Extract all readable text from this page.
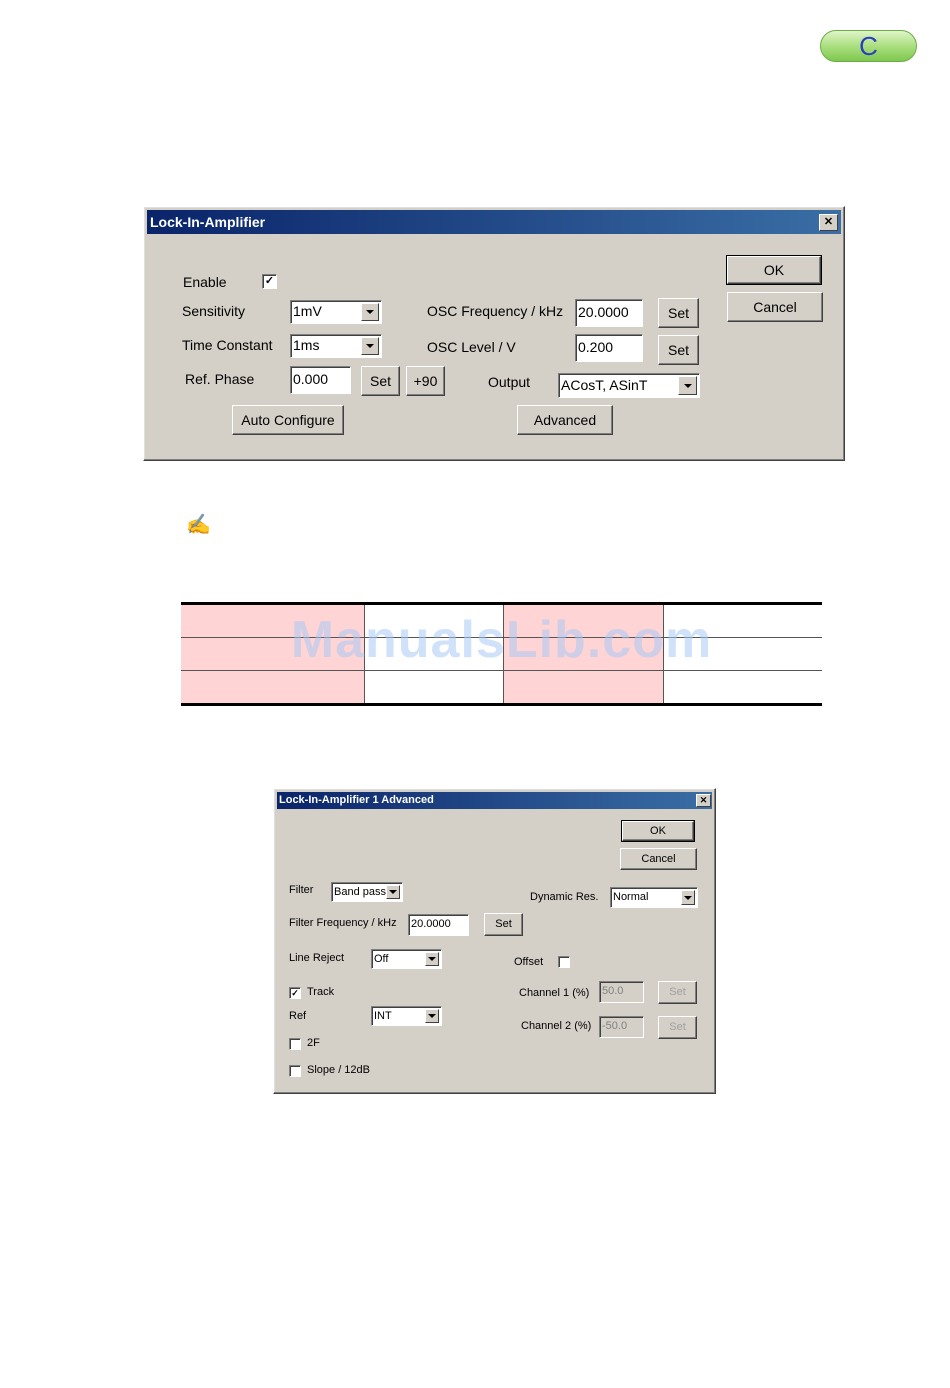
C
Lock-In-Amplifier	✕
Enable	✓
Sensitivity	1mV
Time Constant 1ms
Ref. Phase	0.000	Set	+90
Auto Configure
OSC Frequency / kHz 20.0000	Set
OSC Level / V	0.200	Set
Output ACosT, ASinT
Advanced
OK
Cancel
✍

ManualsLib.com
Lock-In-Amplifier 1 Advanced	✕
OK
Cancel
Filter Band pass	Dynamic Res. Normal
Filter Frequency / kHz 20.0000	Set
Line Reject	Off	Offset
✓ Track	Channel 1 (%) 50.0	Set
Ref	INT
Channel 2 (%) -50.0	Set
2F
Slope / 12dB
